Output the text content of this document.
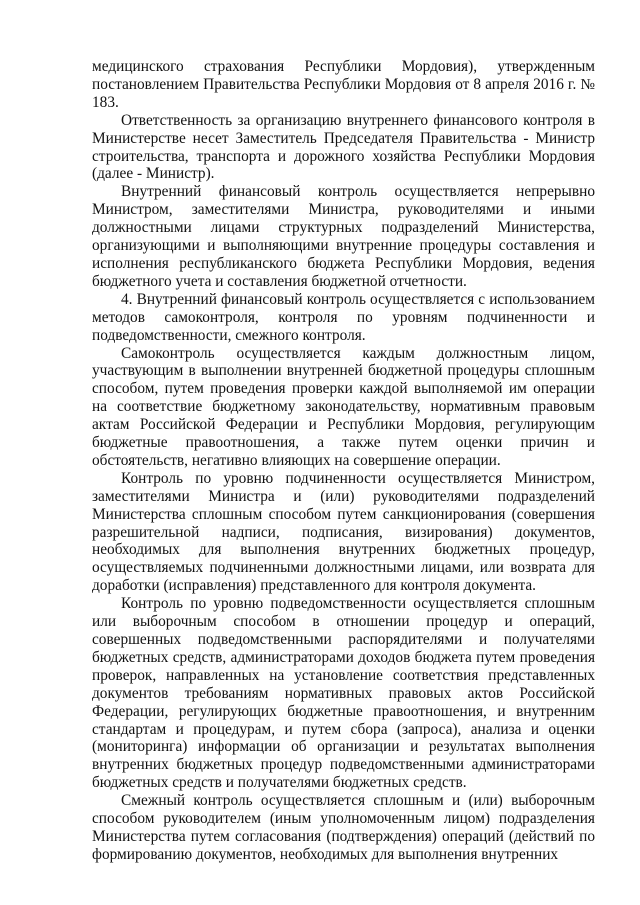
медицинского страхования Республики Мордовия), утвержденным постановлением Правительства Республики Мордовия от 8 апреля 2016 г. № 183.

Ответственность за организацию внутреннего финансового контроля в Министерстве несет Заместитель Председателя Правительства - Министр строительства, транспорта и дорожного хозяйства Республики Мордовия (далее - Министр).

Внутренний финансовый контроль осуществляется непрерывно Министром, заместителями Министра, руководителями и иными должностными лицами структурных подразделений Министерства, организующими и выполняющими внутренние процедуры составления и исполнения республиканского бюджета Республики Мордовия, ведения бюджетного учета и составления бюджетной отчетности.

4. Внутренний финансовый контроль осуществляется с использованием методов самоконтроля, контроля по уровням подчиненности и подведомственности, смежного контроля.

Самоконтроль осуществляется каждым должностным лицом, участвующим в выполнении внутренней бюджетной процедуры сплошным способом, путем проведения проверки каждой выполняемой им операции на соответствие бюджетному законодательству, нормативным правовым актам Российской Федерации и Республики Мордовия, регулирующим бюджетные правоотношения, а также путем оценки причин и обстоятельств, негативно влияющих на совершение операции.

Контроль по уровню подчиненности осуществляется Министром, заместителями Министра и (или) руководителями подразделений Министерства сплошным способом путем санкционирования (совершения разрешительной надписи, подписания, визирования) документов, необходимых для выполнения внутренних бюджетных процедур, осуществляемых подчиненными должностными лицами, или возврата для доработки (исправления) представленного для контроля документа.

Контроль по уровню подведомственности осуществляется сплошным или выборочным способом в отношении процедур и операций, совершенных подведомственными распорядителями и получателями бюджетных средств, администраторами доходов бюджета путем проведения проверок, направленных на установление соответствия представленных документов требованиям нормативных правовых актов Российской Федерации, регулирующих бюджетные правоотношения, и внутренним стандартам и процедурам, и путем сбора (запроса), анализа и оценки (мониторинга) информации об организации и результатах выполнения внутренних бюджетных процедур подведомственными администраторами бюджетных средств и получателями бюджетных средств.

Смежный контроль осуществляется сплошным и (или) выборочным способом руководителем (иным уполномоченным лицом) подразделения Министерства путем согласования (подтверждения) операций (действий по формированию документов, необходимых для выполнения внутренних
